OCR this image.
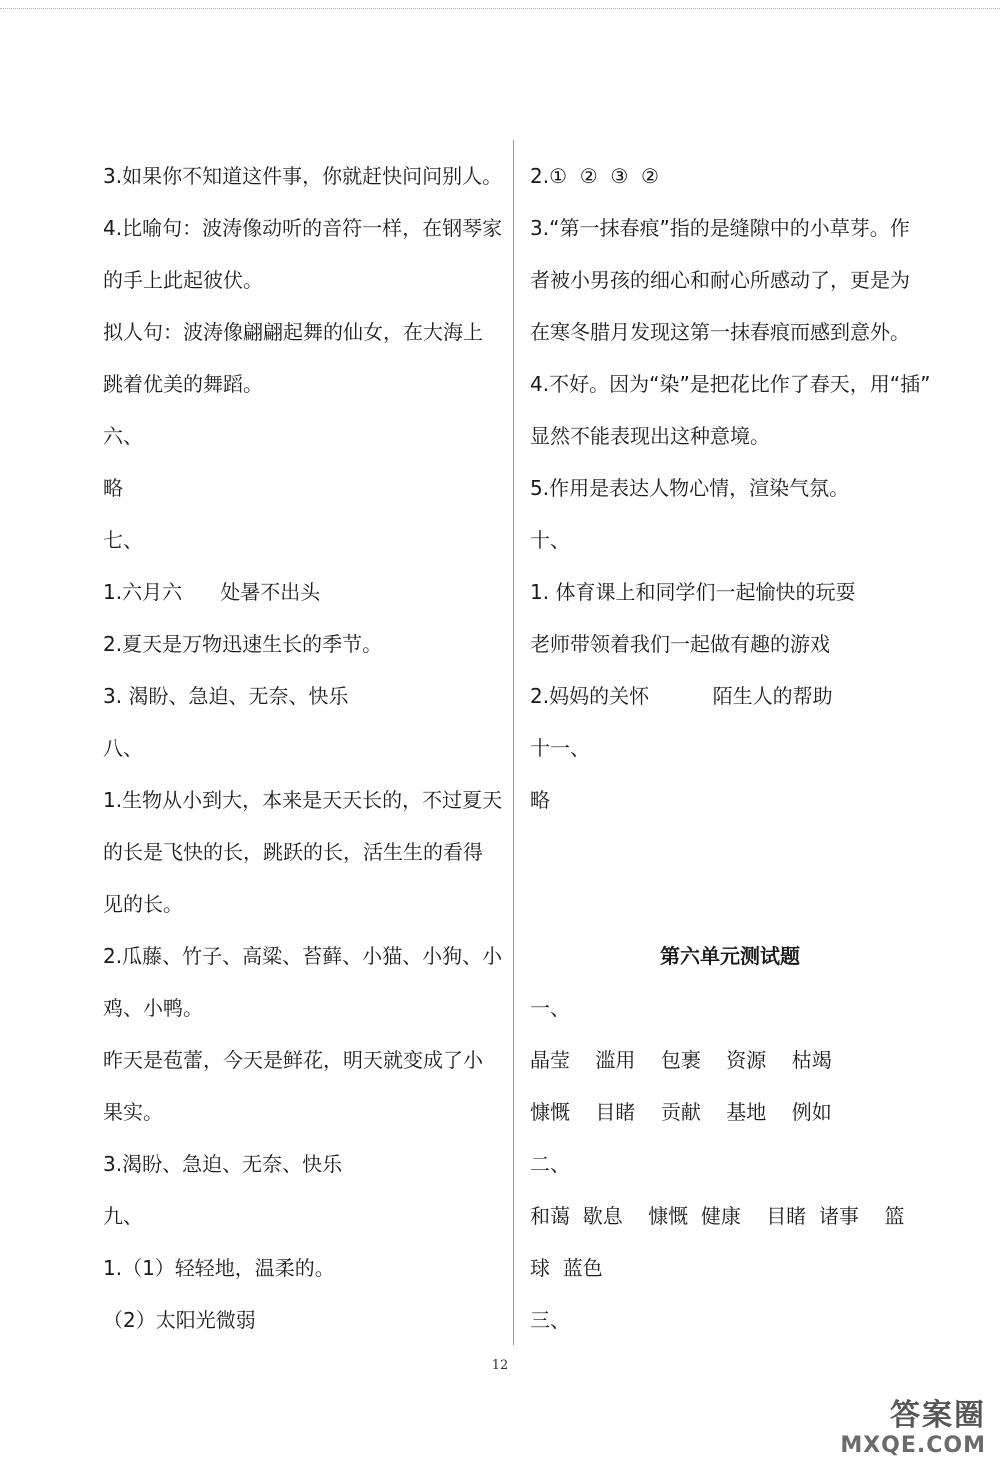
3.如果你不知道这件事，你就赶快问问别人。
4.比喻句：波涛像动听的音符一样，在钢琴家
的手上此起彼伏。
拟人句：波涛像翩翩起舞的仙女，在大海上
跳着优美的舞蹈。
六、
略
七、
1.六月六      处暑不出头
2.夏天是万物迅速生长的季节。
3. 渴盼、急迫、无奈、快乐
八、
1.生物从小到大，本来是天天长的，不过夏天
的长是飞快的长，跳跃的长，活生生的看得
见的长。
2.瓜藤、竹子、高粱、苔藓、小猫、小狗、小
鸡、小鸭。
昨天是苞蕾，今天是鲜花，明天就变成了小
果实。
3.渴盼、急迫、无奈、快乐
九、
1.（1）轻轻地，温柔的。
（2）太阳光微弱
2.①  ②  ③  ②
3.“第一抹春痕”指的是缝隙中的小草芽。作
者被小男孩的细心和耐心所感动了，更是为
在寒冬腊月发现这第一抹春痕而感到意外。
4.不好。因为“染”是把花比作了春天，用“插”
显然不能表现出这种意境。
5.作用是表达人物心情，渲染气氛。
十、
1. 体育课上和同学们一起愉快的玩耍
老师带领着我们一起做有趣的游戏
2.妈妈的关怀          陌生人的帮助
十一、
略
第六单元测试题
一、
晶莹    滥用    包裹    资源    枯竭
慷慨    目睹    贡献    基地    例如
二、
和蔼  歇息    慷慨  健康    目睹  诸事    篮
球  蓝色
三、
12
答案圈
MXQE.COM
